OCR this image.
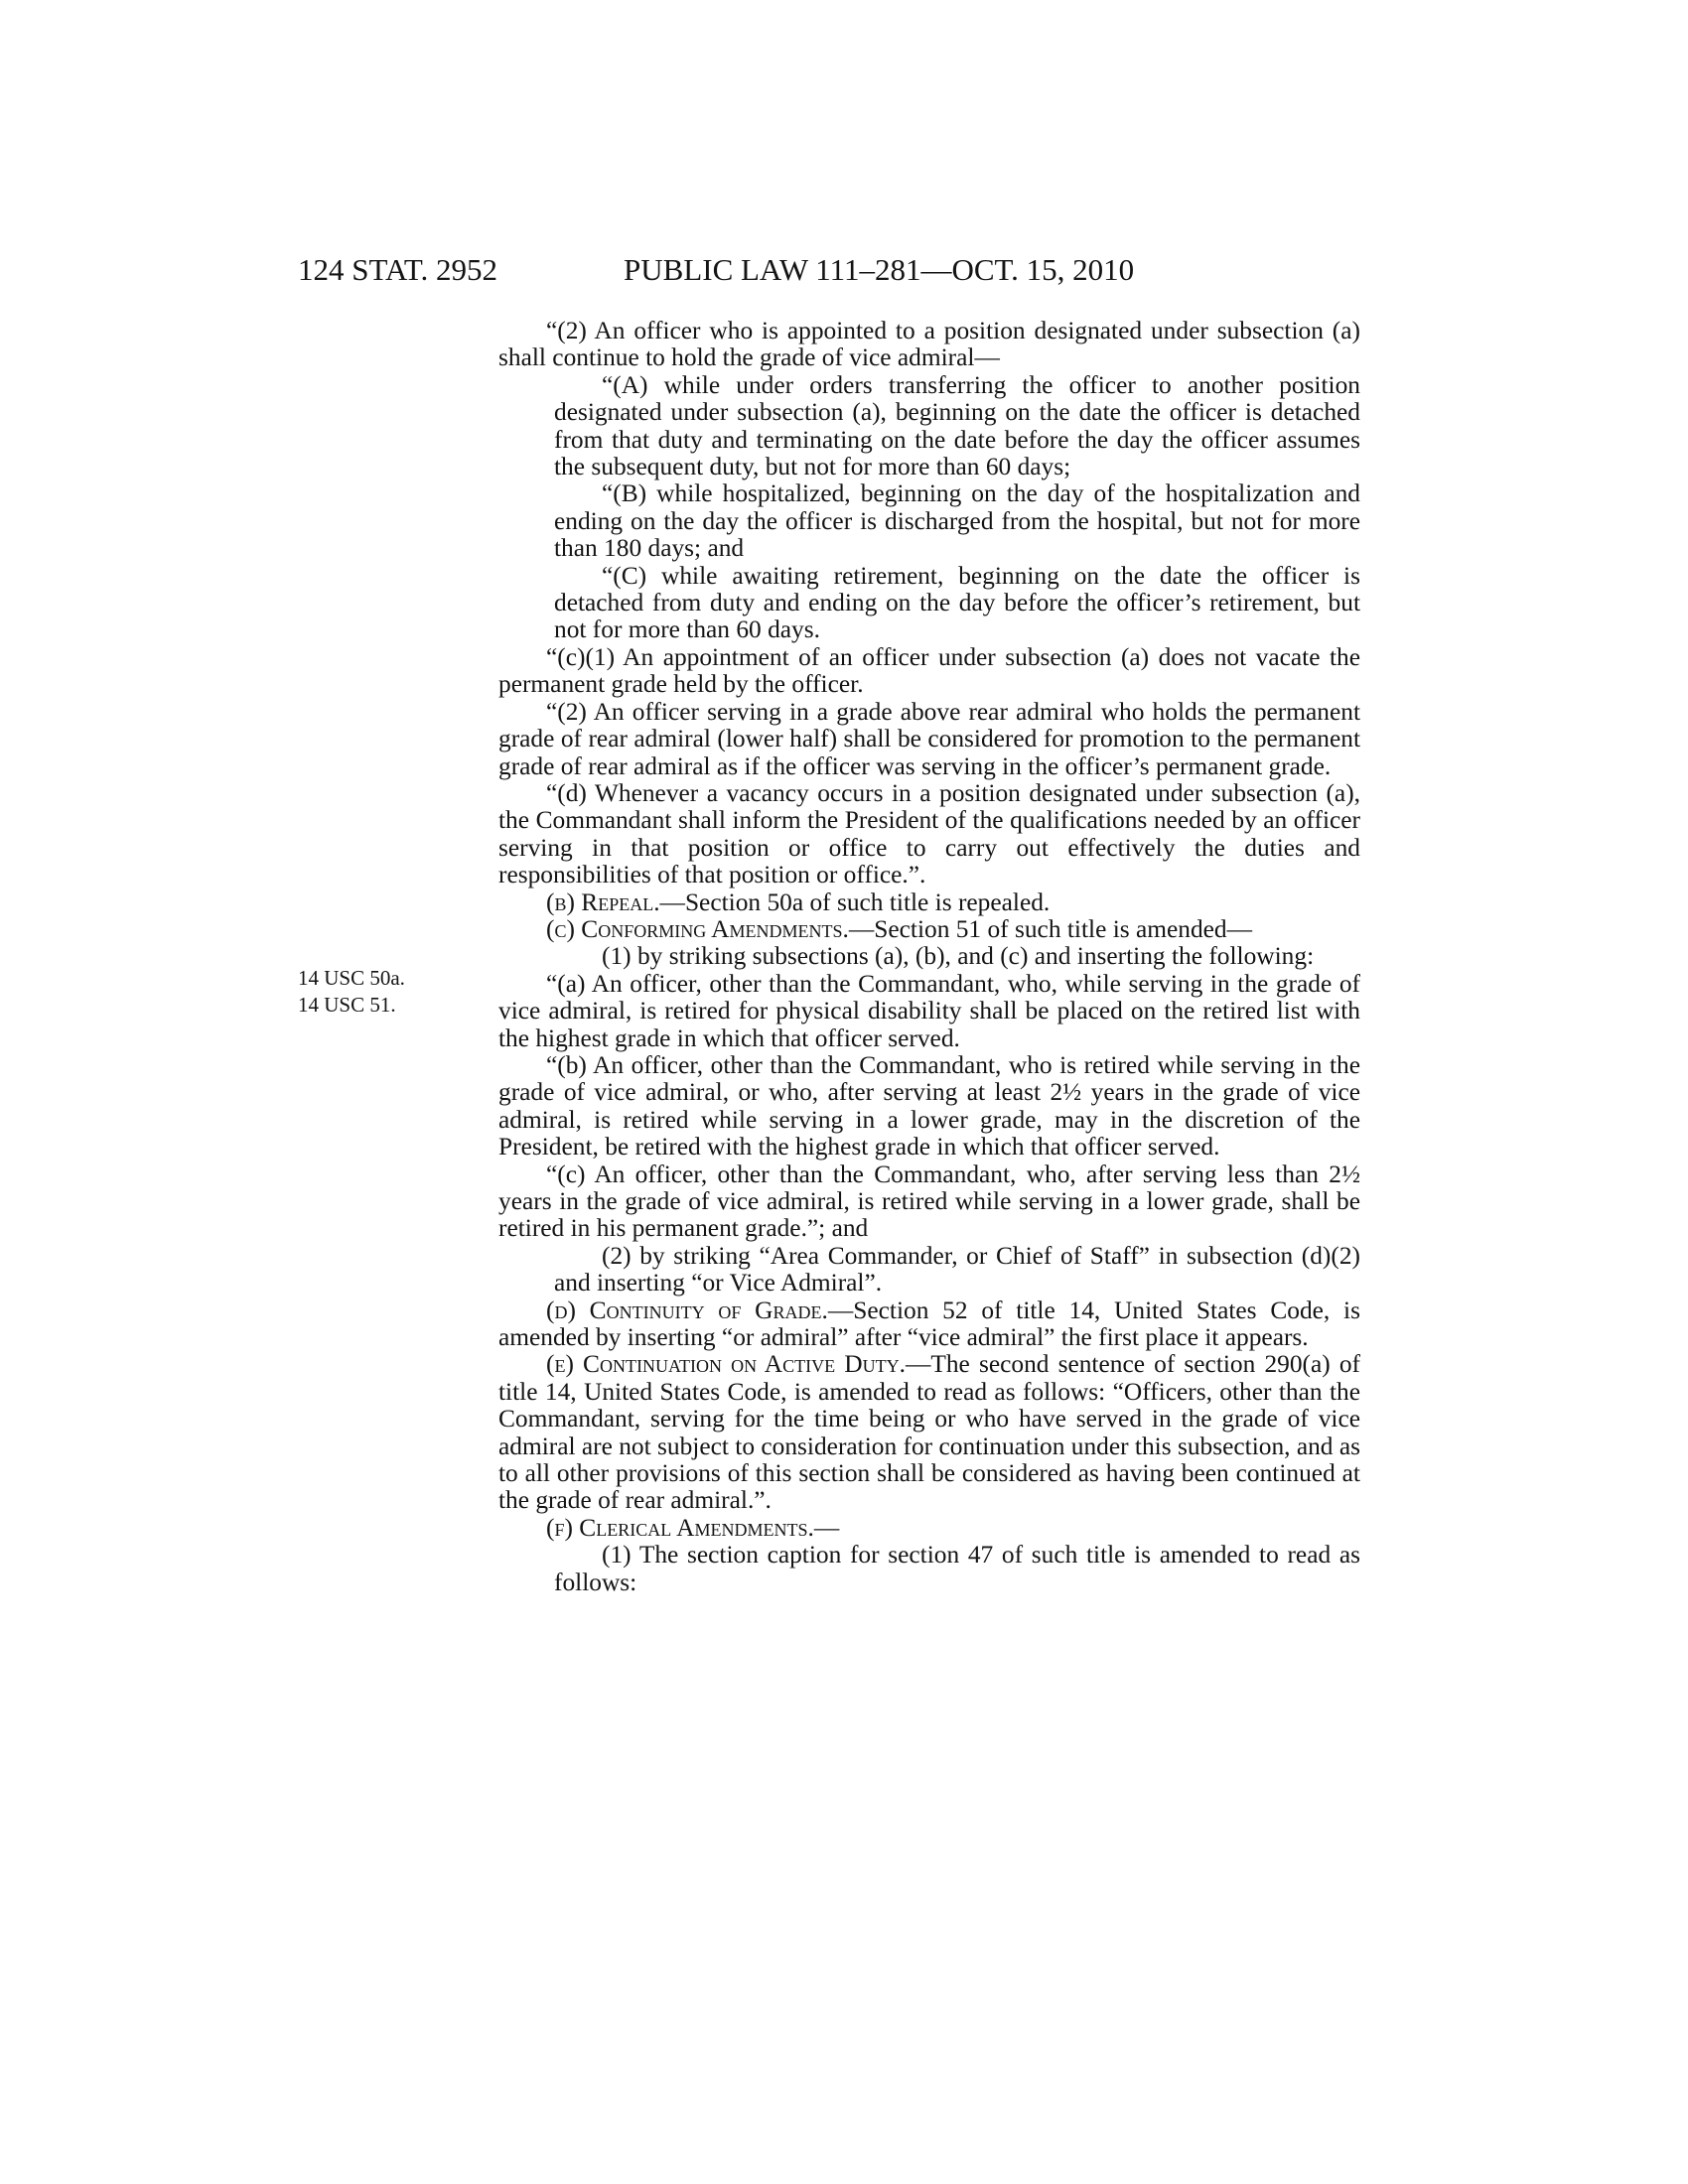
124 STAT. 2952	PUBLIC LAW 111–281—OCT. 15, 2010
14 USC 50a.
14 USC 51.

“(2) An officer who is appointed to a position designated under subsection (a) shall continue to hold the grade of vice admiral—

“(A) while under orders transferring the officer to another position designated under subsection (a), beginning on the date the officer is detached from that duty and terminating on the date before the day the officer assumes the subsequent duty, but not for more than 60 days;

“(B) while hospitalized, beginning on the day of the hospitalization and ending on the day the officer is discharged from the hospital, but not for more than 180 days; and

“(C) while awaiting retirement, beginning on the date the officer is detached from duty and ending on the day before the officer’s retirement, but not for more than 60 days.

“(c)(1) An appointment of an officer under subsection (a) does not vacate the permanent grade held by the officer.

“(2) An officer serving in a grade above rear admiral who holds the permanent grade of rear admiral (lower half) shall be considered for promotion to the permanent grade of rear admiral as if the officer was serving in the officer’s permanent grade.

“(d) Whenever a vacancy occurs in a position designated under subsection (a), the Commandant shall inform the President of the qualifications needed by an officer serving in that position or office to carry out effectively the duties and responsibilities of that position or office.”.

(b) Repeal.—Section 50a of such title is repealed.

(c) Conforming Amendments.—Section 51 of such title is amended—

(1) by striking subsections (a), (b), and (c) and inserting the following:

“(a) An officer, other than the Commandant, who, while serving in the grade of vice admiral, is retired for physical disability shall be placed on the retired list with the highest grade in which that officer served.

“(b) An officer, other than the Commandant, who is retired while serving in the grade of vice admiral, or who, after serving at least 2½ years in the grade of vice admiral, is retired while serving in a lower grade, may in the discretion of the President, be retired with the highest grade in which that officer served.

“(c) An officer, other than the Commandant, who, after serving less than 2½ years in the grade of vice admiral, is retired while serving in a lower grade, shall be retired in his permanent grade.”; and

(2) by striking “Area Commander, or Chief of Staff” in subsection (d)(2) and inserting “or Vice Admiral”.

(d) Continuity of Grade.—Section 52 of title 14, United States Code, is amended by inserting “or admiral” after “vice admiral” the first place it appears.

(e) Continuation on Active Duty.—The second sentence of section 290(a) of title 14, United States Code, is amended to read as follows: “Officers, other than the Commandant, serving for the time being or who have served in the grade of vice admiral are not subject to consideration for continuation under this subsection, and as to all other provisions of this section shall be considered as having been continued at the grade of rear admiral.”.

(f) Clerical Amendments.—

(1) The section caption for section 47 of such title is amended to read as follows:
